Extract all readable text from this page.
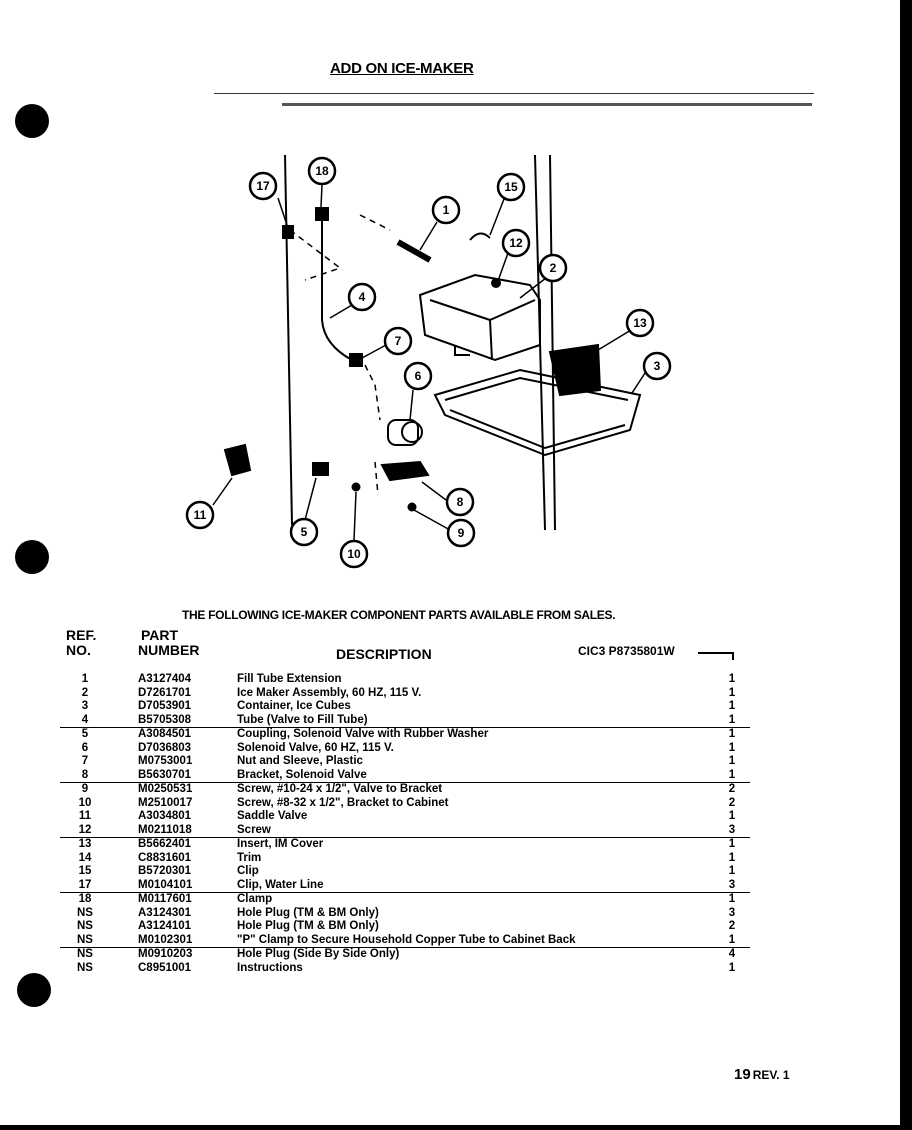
ADD ON ICE-MAKER
1
2
3
4
5
6
7
8
9
10
11
12
13
15
17
18
THE FOLLOWING ICE-MAKER COMPONENT PARTS AVAILABLE FROM SALES.
REF.
NO.
PART
NUMBER	DESCRIPTION	CIC3 P8735801W
1	A3127404	Fill Tube Extension	1
2	D7261701	Ice Maker Assembly, 60 HZ, 115 V.	1
3	D7053901	Container, Ice Cubes	1
4	B5705308	Tube (Valve to Fill Tube)	1
5	A3084501	Coupling, Solenoid Valve with Rubber Washer	1
6	D7036803	Solenoid Valve, 60 HZ, 115 V.	1
7	M0753001	Nut and Sleeve, Plastic	1
8	B5630701	Bracket, Solenoid Valve	1
9	M0250531	Screw, #10-24 x 1/2", Valve to Bracket	2
10	M2510017	Screw, #8-32 x 1/2", Bracket to Cabinet	2
11	A3034801	Saddle Valve	1
12	M0211018	Screw	3
13	B5662401	Insert, IM Cover	1
14	C8831601	Trim	1
15	B5720301	Clip	1
17	M0104101	Clip, Water Line	3
18	M0117601	Clamp	1
NS	A3124301	Hole Plug (TM & BM Only)	3
NS	A3124101	Hole Plug (TM & BM Only)	2
NS	M0102301	"P" Clamp to Secure Household Copper Tube to Cabinet Back	1
NS	M0910203	Hole Plug (Side By Side Only)	4
NS	C8951001	Instructions	1
19 REV. 1
